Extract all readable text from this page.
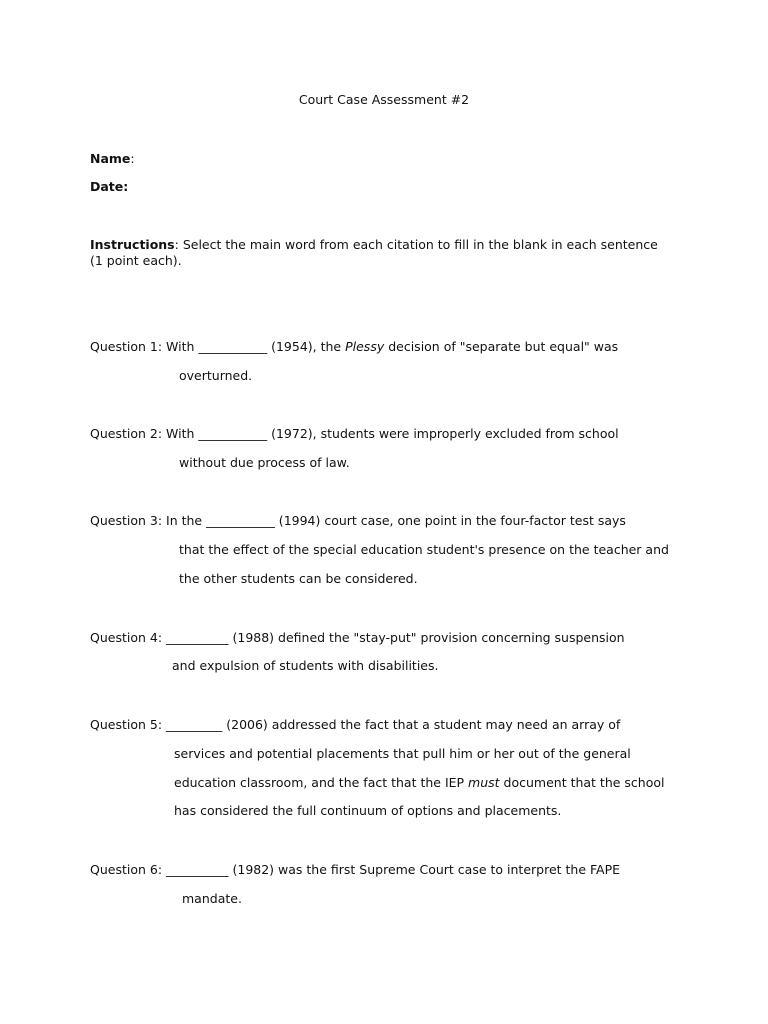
Court Case Assessment #2
Name:
Date:
Instructions: Select the main word from each citation to fill in the blank in each sentence
(1 point each).
Question 1: With ___________ (1954), the Plessy decision of "separate but equal" was
overturned.
Question 2: With ___________ (1972), students were improperly excluded from school
without due process of law.
Question 3: In the ___________ (1994) court case, one point in the four-factor test says
that the effect of the special education student's presence on the teacher and
the other students can be considered.
Question 4: __________ (1988) defined the "stay-put" provision concerning suspension
and expulsion of students with disabilities.
Question 5: _________ (2006) addressed the fact that a student may need an array of
services and potential placements that pull him or her out of the general
education classroom, and the fact that the IEP must document that the school
has considered the full continuum of options and placements.
Question 6: __________ (1982) was the first Supreme Court case to interpret the FAPE
mandate.
